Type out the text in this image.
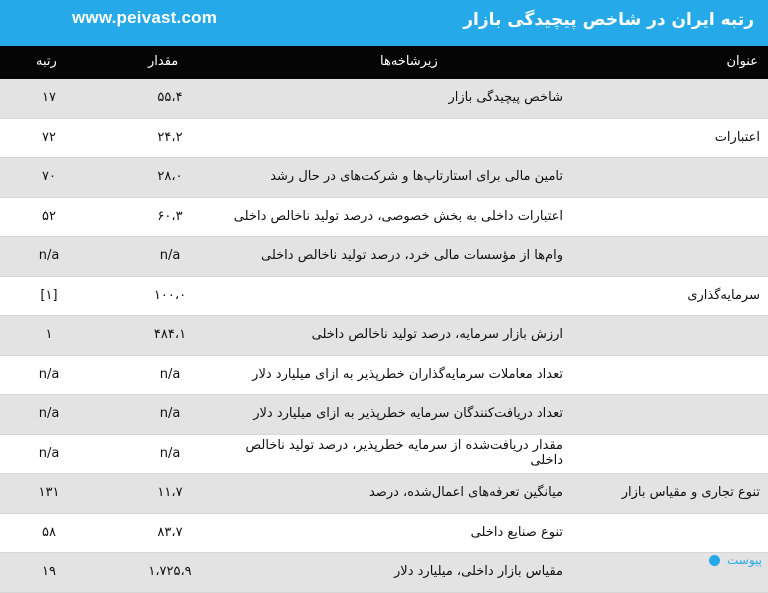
رتبه ایران در شاخص پیچیدگی بازار
www.peivast.com
عنوان
زیرشاخه‌ها
مقدار
رتبه
شاخص پیچیدگی بازار
۵۵،۴
۱۷
اعتبارات
۲۴،۲
۷۲
تامین مالی برای استارتاپ‌ها و شرکت‌های در حال رشد
۲۸،۰
۷۰
اعتبارات داخلی به بخش خصوصی، درصد تولید ناخالص داخلی
۶۰،۳
۵۲
وام‌ها از مؤسسات مالی خرد، درصد تولید ناخالص داخلی
n/a
n/a
سرمایه‌گذاری
۱۰۰،۰
[۱]
ارزش بازار سرمایه، درصد تولید ناخالص داخلی
۴۸۴،۱
۱
تعداد معاملات سرمایه‌گذاران خطرپذیر به ازای میلیارد دلار
n/a
n/a
تعداد دریافت‌کنندگان سرمایه خطرپذیر به ازای میلیارد دلار
n/a
n/a
مقدار دریافت‌شده از سرمایه خطرپذیر، درصد تولید ناخالص داخلی
n/a
n/a
تنوع تجاری و مقیاس بازار
میانگین تعرفه‌های اعمال‌شده، درصد
۱۱،۷
۱۳۱
تنوع صنایع داخلی
۸۳،۷
۵۸
مقیاس بازار داخلی، میلیارد دلار
۱،۷۲۵،۹
۱۹
پیوست
